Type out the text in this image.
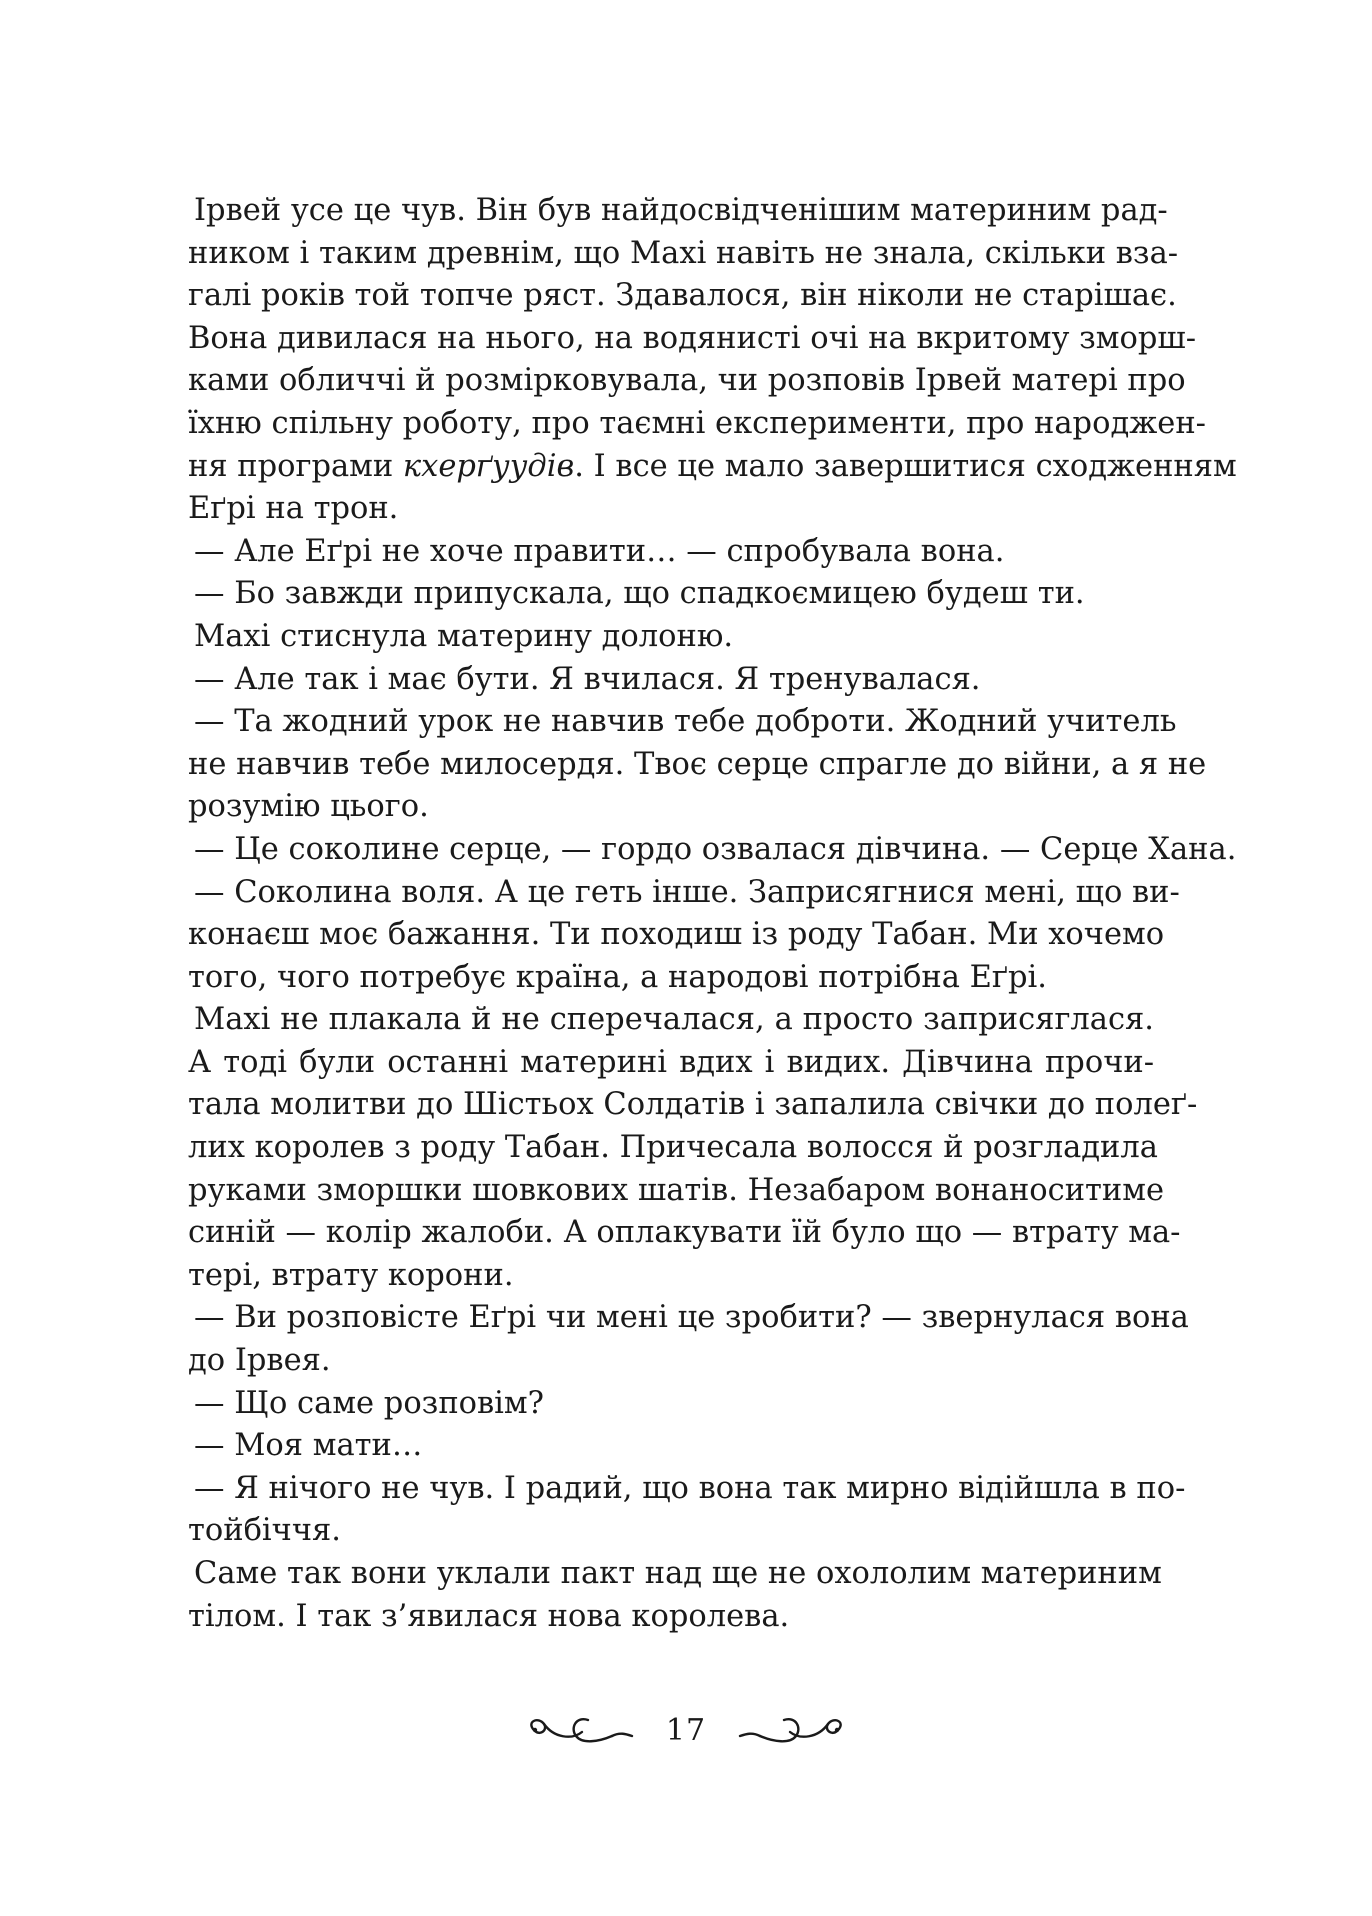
Ірвей усе це чув. Він був найдосвідченішим материним рад-
ником і таким древнім, що Махі навіть не знала, скільки вза-
галі років той топче ряст. Здавалося, він ніколи не старішає.
Вона дивилася на нього, на водянисті очі на вкритому зморш-
ками обличчі й розмірковувала, чи розповів Ірвей матері про
їхню спільну роботу, про таємні експерименти, про народжен-
ня програми кхерґуудів. І все це мало завершитися сходженням
Еґрі на трон.

— Але Еґрі не хоче правити… — спробувала вона.

— Бо завжди припускала, що спадкоємицею будеш ти.

Махі стиснула материну долоню.

— Але так і має бути. Я вчилася. Я тренувалася.

— Та жодний урок не навчив тебе доброти. Жодний учитель
не навчив тебе милосердя. Твоє серце спрагле до війни, а я не
розумію цього.

— Це соколине серце, — гордо озвалася дівчина. — Серце Хана.

— Соколина воля. А це геть інше. Заприсягнися мені, що ви-
конаєш моє бажання. Ти походиш із роду Табан. Ми хочемо
того, чого потребує країна, а народові потрібна Еґрі.

Махі не плакала й не сперечалася, а просто заприсяглася.
А тоді були останні материні вдих і видих. Дівчина прочи-
тала молитви до Шістьох Солдатів і запалила свічки до полеґ-
лих королев з роду Табан. Причесала волосся й розгладила
руками зморшки шовкових шатів. Незабаром вонаноситиме
синій — колір жалоби. А оплакувати їй було що — втрату ма-
тері, втрату корони.

— Ви розповісте Еґрі чи мені це зробити? — звернулася вона
до Ірвея.

— Що саме розповім?

— Моя мати…

— Я нічого не чув. І радий, що вона так мирно відійшла в по-
тойбіччя.

Саме так вони уклали пакт над ще не охололим материним
тілом. І так з’явилася нова королева.

17
